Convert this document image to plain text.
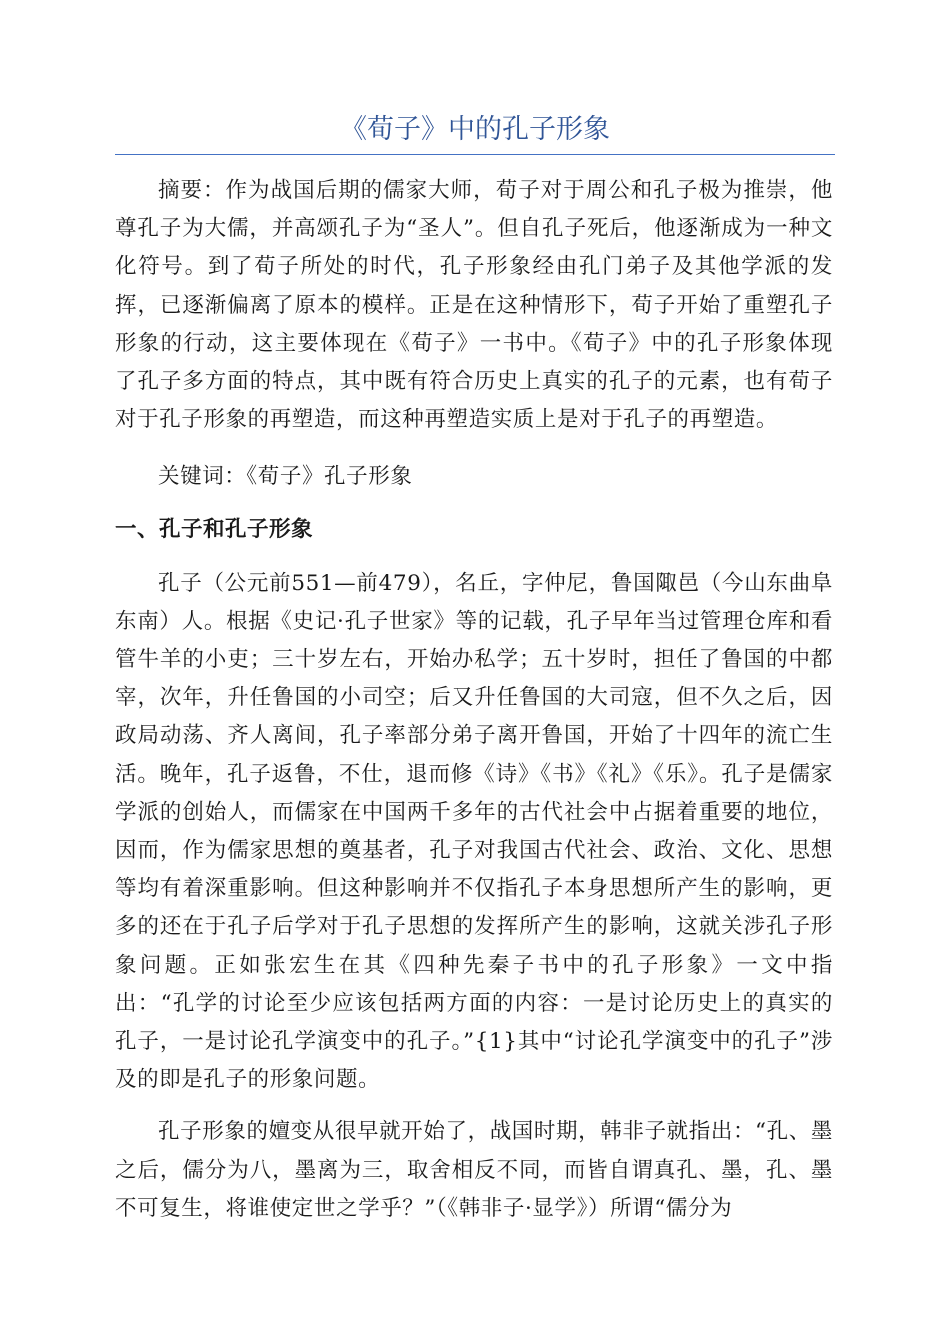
《荀子》中的孔子形象

摘要：作为战国后期的儒家大师，荀子对于周公和孔子极为推崇，他尊孔子为大儒，并高颂孔子为“圣人”。但自孔子死后，他逐渐成为一种文化符号。到了荀子所处的时代，孔子形象经由孔门弟子及其他学派的发挥，已逐渐偏离了原本的模样。正是在这种情形下，荀子开始了重塑孔子形象的行动，这主要体现在《荀子》一书中。《荀子》中的孔子形象体现了孔子多方面的特点，其中既有符合历史上真实的孔子的元素，也有荀子对于孔子形象的再塑造，而这种再塑造实质上是对于孔子的再塑造。

关键词：《荀子》孔子形象

一、孔子和孔子形象

孔子（公元前551—前479），名丘，字仲尼，鲁国陬邑（今山东曲阜东南）人。根据《史记·孔子世家》等的记载，孔子早年当过管理仓库和看管牛羊的小吏；三十岁左右，开始办私学；五十岁时，担任了鲁国的中都宰，次年，升任鲁国的小司空；后又升任鲁国的大司寇，但不久之后，因政局动荡、齐人离间，孔子率部分弟子离开鲁国，开始了十四年的流亡生活。晚年，孔子返鲁，不仕，退而修《诗》《书》《礼》《乐》。孔子是儒家学派的创始人，而儒家在中国两千多年的古代社会中占据着重要的地位，因而，作为儒家思想的奠基者，孔子对我国古代社会、政治、文化、思想等均有着深重影响。但这种影响并不仅指孔子本身思想所产生的影响，更多的还在于孔子后学对于孔子思想的发挥所产生的影响，这就关涉孔子形象问题。正如张宏生在其《四种先秦子书中的孔子形象》一文中指出：“孔学的讨论至少应该包括两方面的内容：一是讨论历史上的真实的孔子，一是讨论孔学演变中的孔子。”{1}其中“讨论孔学演变中的孔子”涉及的即是孔子的形象问题。

孔子形象的嬗变从很早就开始了，战国时期，韩非子就指出：“孔、墨之后，儒分为八，墨离为三，取舍相反不同，而皆自谓真孔、墨，孔、墨不可复生，将谁使定世之学乎？”（《韩非子·显学》）所谓“儒分为
